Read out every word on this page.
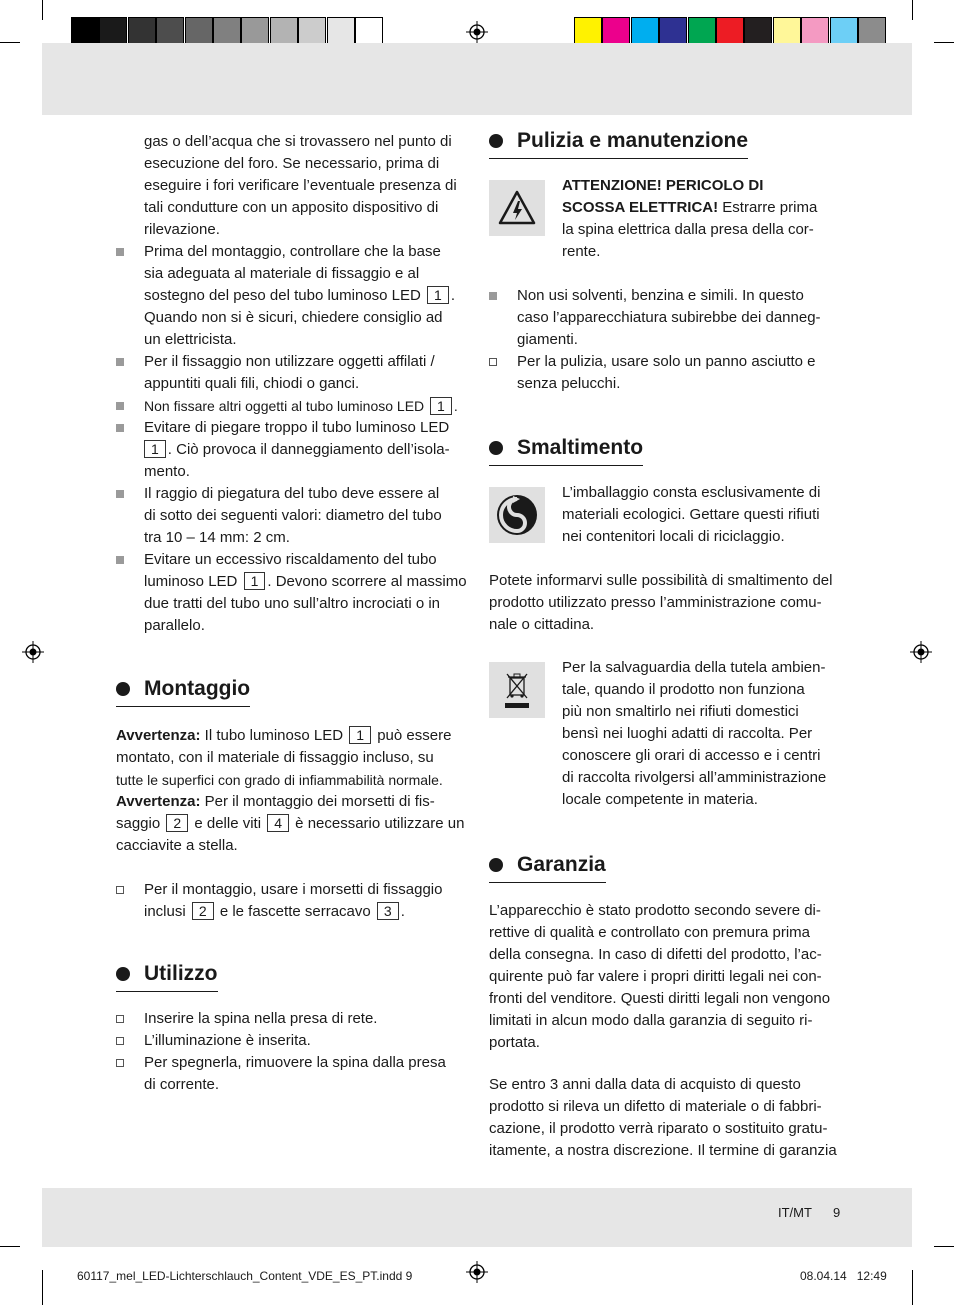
gas o dell’acqua che si trovassero nel punto di
esecuzione del foro. Se necessario, prima di
eseguire i fori verificare l’eventuale presenza di
tali condutture con un apposito dispositivo di
rilevazione.
Prima del montaggio, controllare che la base
sia adeguata al materiale di fissaggio e al
sostegno del peso del tubo luminoso LED 1 .
Quando non si è sicuri, chiedere consiglio ad
un elettricista.
Per il fissaggio non utilizzare oggetti affilati /
appuntiti quali fili, chiodi o ganci.
Non fissare altri oggetti al tubo luminoso LED 1 .
Evitare di piegare troppo il tubo luminoso LED
1 . Ciò provoca il danneggiamento dell’isola-
mento.
Il raggio di piegatura del tubo deve essere al
di sotto dei seguenti valori: diametro del tubo
tra 10 – 14 mm: 2 cm.
Evitare un eccessivo riscaldamento del tubo
luminoso LED 1 . Devono scorrere al massimo
due tratti del tubo uno sull’altro incrociati o in
parallelo.
Montaggio
Avvertenza: Il tubo luminoso LED 1 può essere
montato, con il materiale di fissaggio incluso, su
tutte le superfici con grado di infiammabilità normale.
Avvertenza: Per il montaggio dei morsetti di fis-
saggio 2 e delle viti 4 è necessario utilizzare un
cacciavite a stella.
Per il montaggio, usare i morsetti di fissaggio
inclusi 2 e le fascette serracavo 3 .
Utilizzo
Inserire la spina nella presa di rete.
L’illuminazione è inserita.
Per spegnerla, rimuovere la spina dalla presa
di corrente.
Pulizia e manutenzione
ATTENZIONE! PERICOLO DI
SCOSSA ELETTRICA! Estrarre prima
la spina elettrica dalla presa della cor-
rente.
Non usi solventi, benzina e simili. In questo
caso l’apparecchiatura subirebbe dei danneg-
giamenti.
Per la pulizia, usare solo un panno asciutto e
senza pelucchi.
Smaltimento
L’imballaggio consta esclusivamente di
materiali ecologici. Gettare questi rifiuti
nei contenitori locali di riciclaggio.
Potete informarvi sulle possibilità di smaltimento del
prodotto utilizzato presso l’amministrazione comu-
nale o cittadina.
Per la salvaguardia della tutela ambien-
tale, quando il prodotto non funziona
più non smaltirlo nei rifiuti domestici
bensì nei luoghi adatti di raccolta. Per
conoscere gli orari di accesso e i centri
di raccolta rivolgersi all’amministrazione
locale competente in materia.
Garanzia
L’apparecchio è stato prodotto secondo severe di-
rettive di qualità e controllato con premura prima
della consegna. In caso di difetti del prodotto, l’ac-
quirente può far valere i propri diritti legali nei con-
fronti del venditore. Questi diritti legali non vengono
limitati in alcun modo dalla garanzia di seguito ri-
portata.
Se entro 3 anni dalla data di acquisto di questo
prodotto si rileva un difetto di materiale o di fabbri-
cazione, il prodotto verrà riparato o sostituito gratu-
itamente, a nostra discrezione. Il termine di garanzia
IT/MT 9
60117_mel_LED-Lichterschlauch_Content_VDE_ES_PT.indd 9	08.04.14 12:49
